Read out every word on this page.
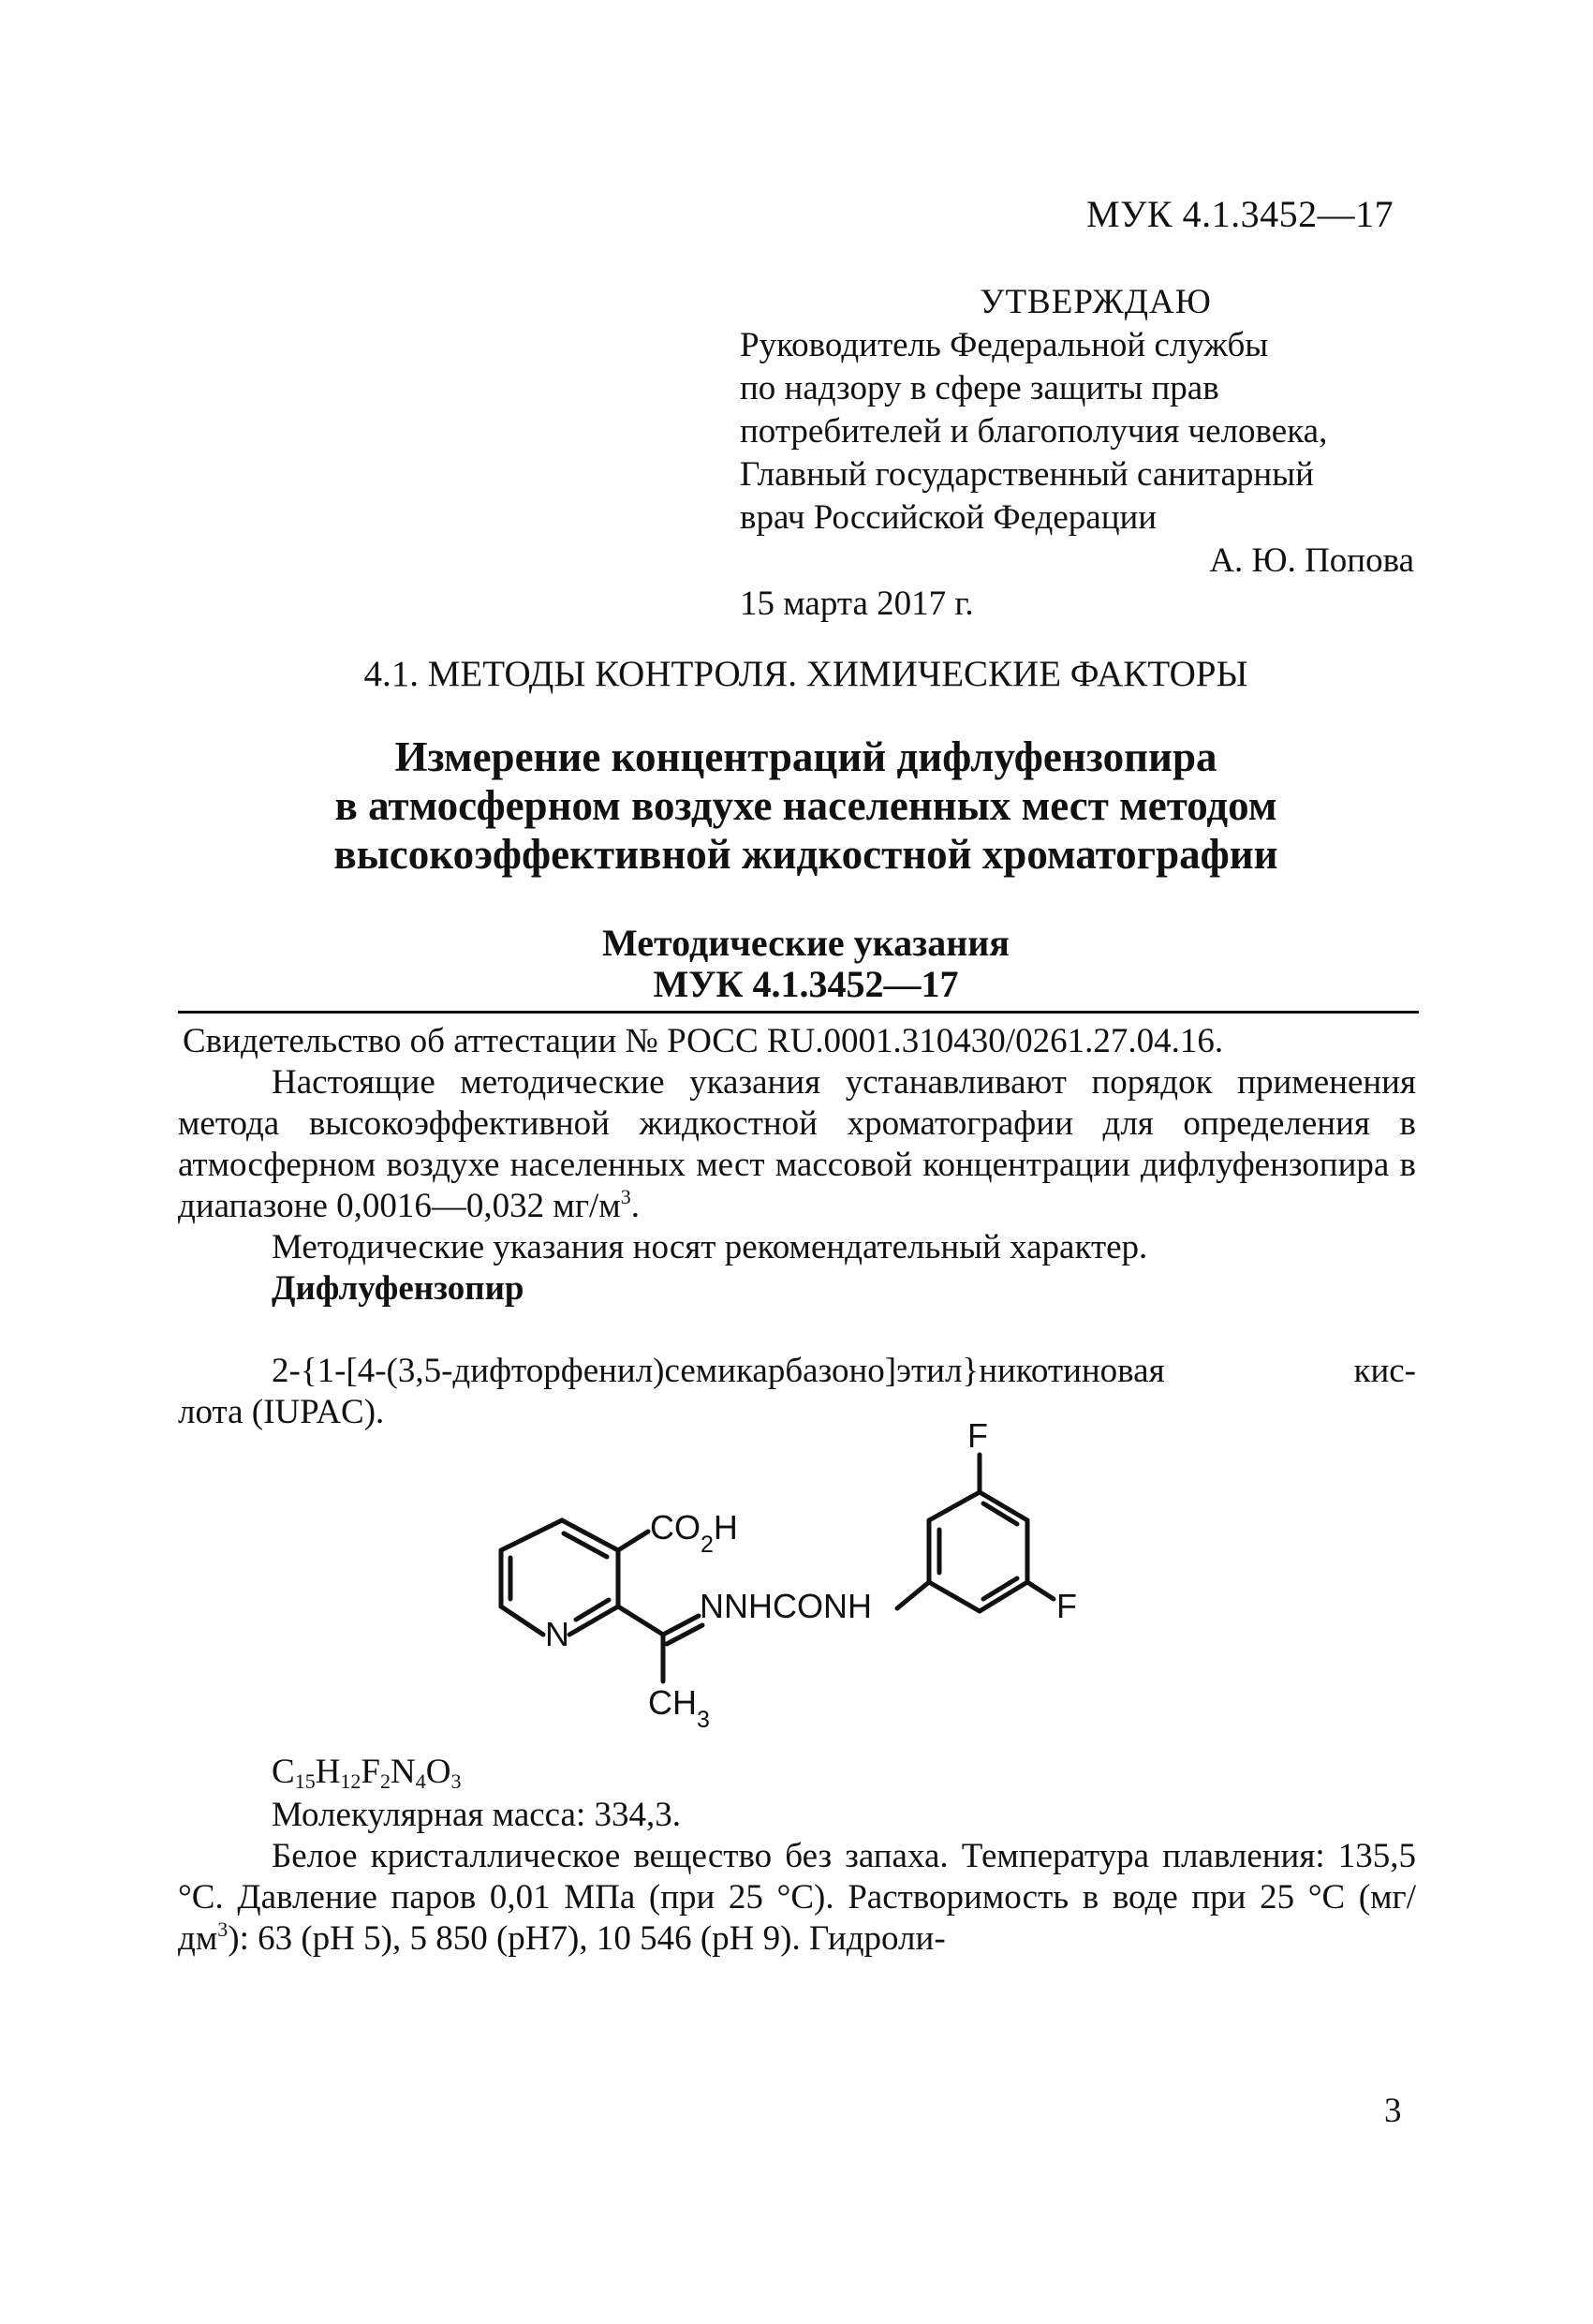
МУК 4.1.3452—17
УТВЕРЖДАЮ
Руководитель Федеральной службы
по надзору в сфере защиты прав
потребителей и благополучия человека,
Главный государственный санитарный
врач Российской Федерации
А. Ю. Попова
15 марта 2017 г.
4.1. МЕТОДЫ КОНТРОЛЯ. ХИМИЧЕСКИЕ ФАКТОРЫ
Измерение концентраций дифлуфензопира
в атмосферном воздухе населенных мест методом
высокоэффективной жидкостной хроматографии
Методические указания
МУК 4.1.3452—17

Свидетельство об аттестации № РОСС RU.0001.310430/0261.27.04.16.

Настоящие методические указания устанавливают порядок применения метода высокоэффективной жидкостной хроматографии для определения в атмосферном воздухе населенных мест массовой концентрации дифлуфензопира в диапазоне 0,0016—0,032 $мг/м^3$.

Методические указания носят рекомендательный характер.

Дифлуфензопир

2-{1-[4-(3,5-дифторфенил)семикарбазоно]этил}никотиновая	кис-
лота (IUPAC).
$CO_2H$
NNHCONH
N
$CH_3$
F
F
$C_{15}H_{12}F_2N_4O_3$

Молекулярная масса: 334,3.

Белое кристаллическое вещество без запаха. Температура плавления: 135,5 °С. Давление паров 0,01 МПа (при 25 °С). Растворимость в воде при 25 °С $(мг/дм^3)$: 63 (рН 5), 5 850 (рН7), 10 546 (рН 9). Гидроли-

3
